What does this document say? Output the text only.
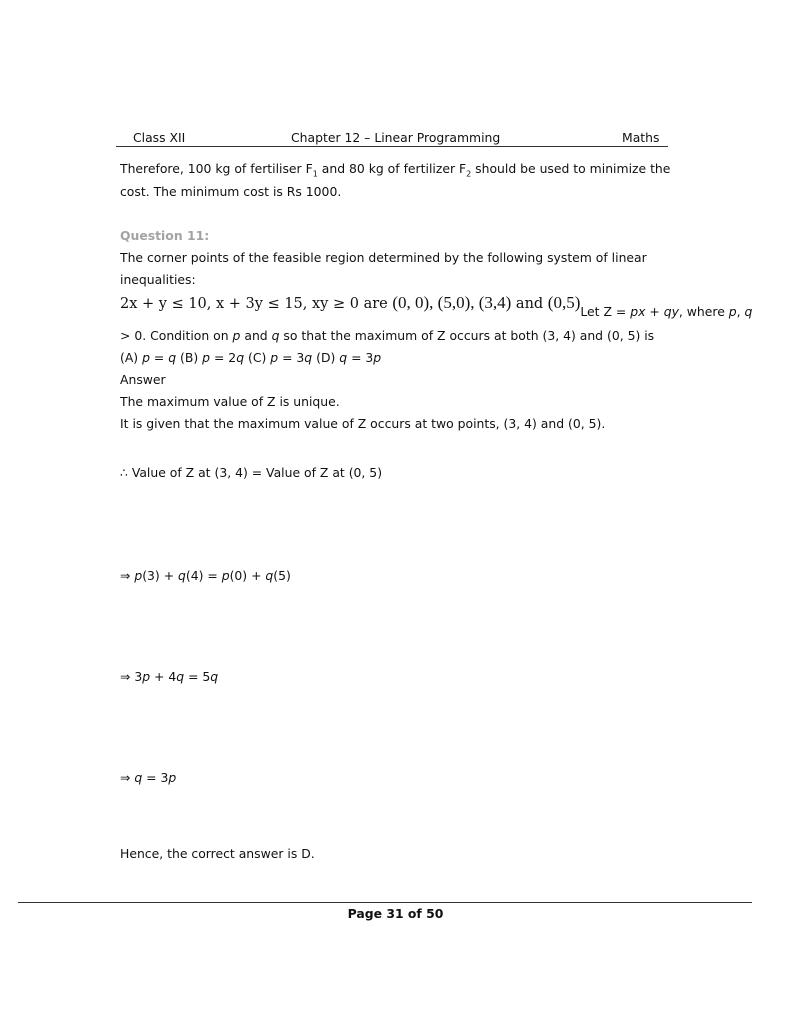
Class XII	Chapter 12 – Linear Programming	Maths
Therefore, 100 kg of fertiliser $F_1$ and 80 kg of fertilizer $F_2$ should be used to minimize the
cost. The minimum cost is Rs 1000.
Question 11:
The corner points of the feasible region determined by the following system of linear
inequalities:
2x + y ≤ 10, x + 3y ≤ 15, xy ≥ 0 are (0, 0), (5,0), (3,4) and (0,5)Let Z = px + qy, where p, q
> 0. Condition on p and q so that the maximum of Z occurs at both (3, 4) and (0, 5) is
(A) p = q (B) p = 2q (C) p = 3q (D) q = 3p
Answer
The maximum value of Z is unique.
It is given that the maximum value of Z occurs at two points, (3, 4) and (0, 5).
∴ Value of Z at (3, 4) = Value of Z at (0, 5)
⇒ p(3) + q(4) = p(0) + q(5)
⇒ 3p + 4q = 5q
⇒ q = 3p
Hence, the correct answer is D.
Page 31 of 50
